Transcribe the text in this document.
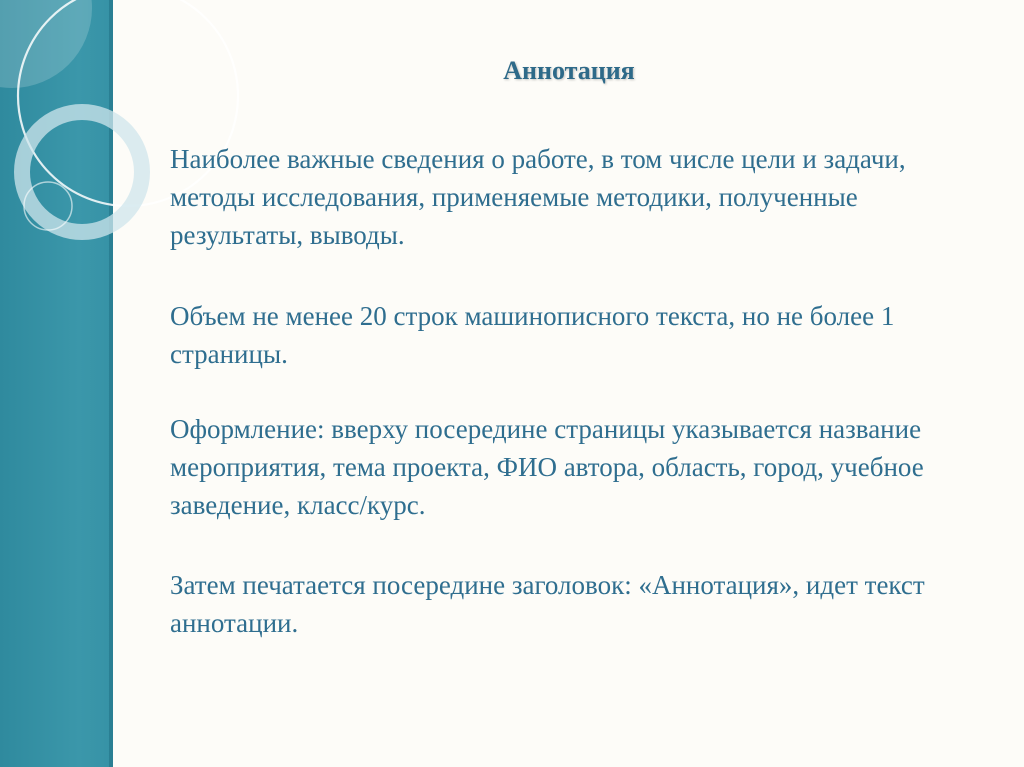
Аннотация

Наиболее важные сведения о работе, в том числе цели и задачи, методы исследования, применяемые методики, полученные результаты, выводы.

Объем не менее 20 строк машинописного текста, но не более 1 страницы.

Оформление: вверху посередине страницы указывается название мероприятия, тема проекта, ФИО автора, область, город, учебное заведение, класс/курс.

Затем печатается посередине заголовок: «Аннотация», идет текст аннотации.
